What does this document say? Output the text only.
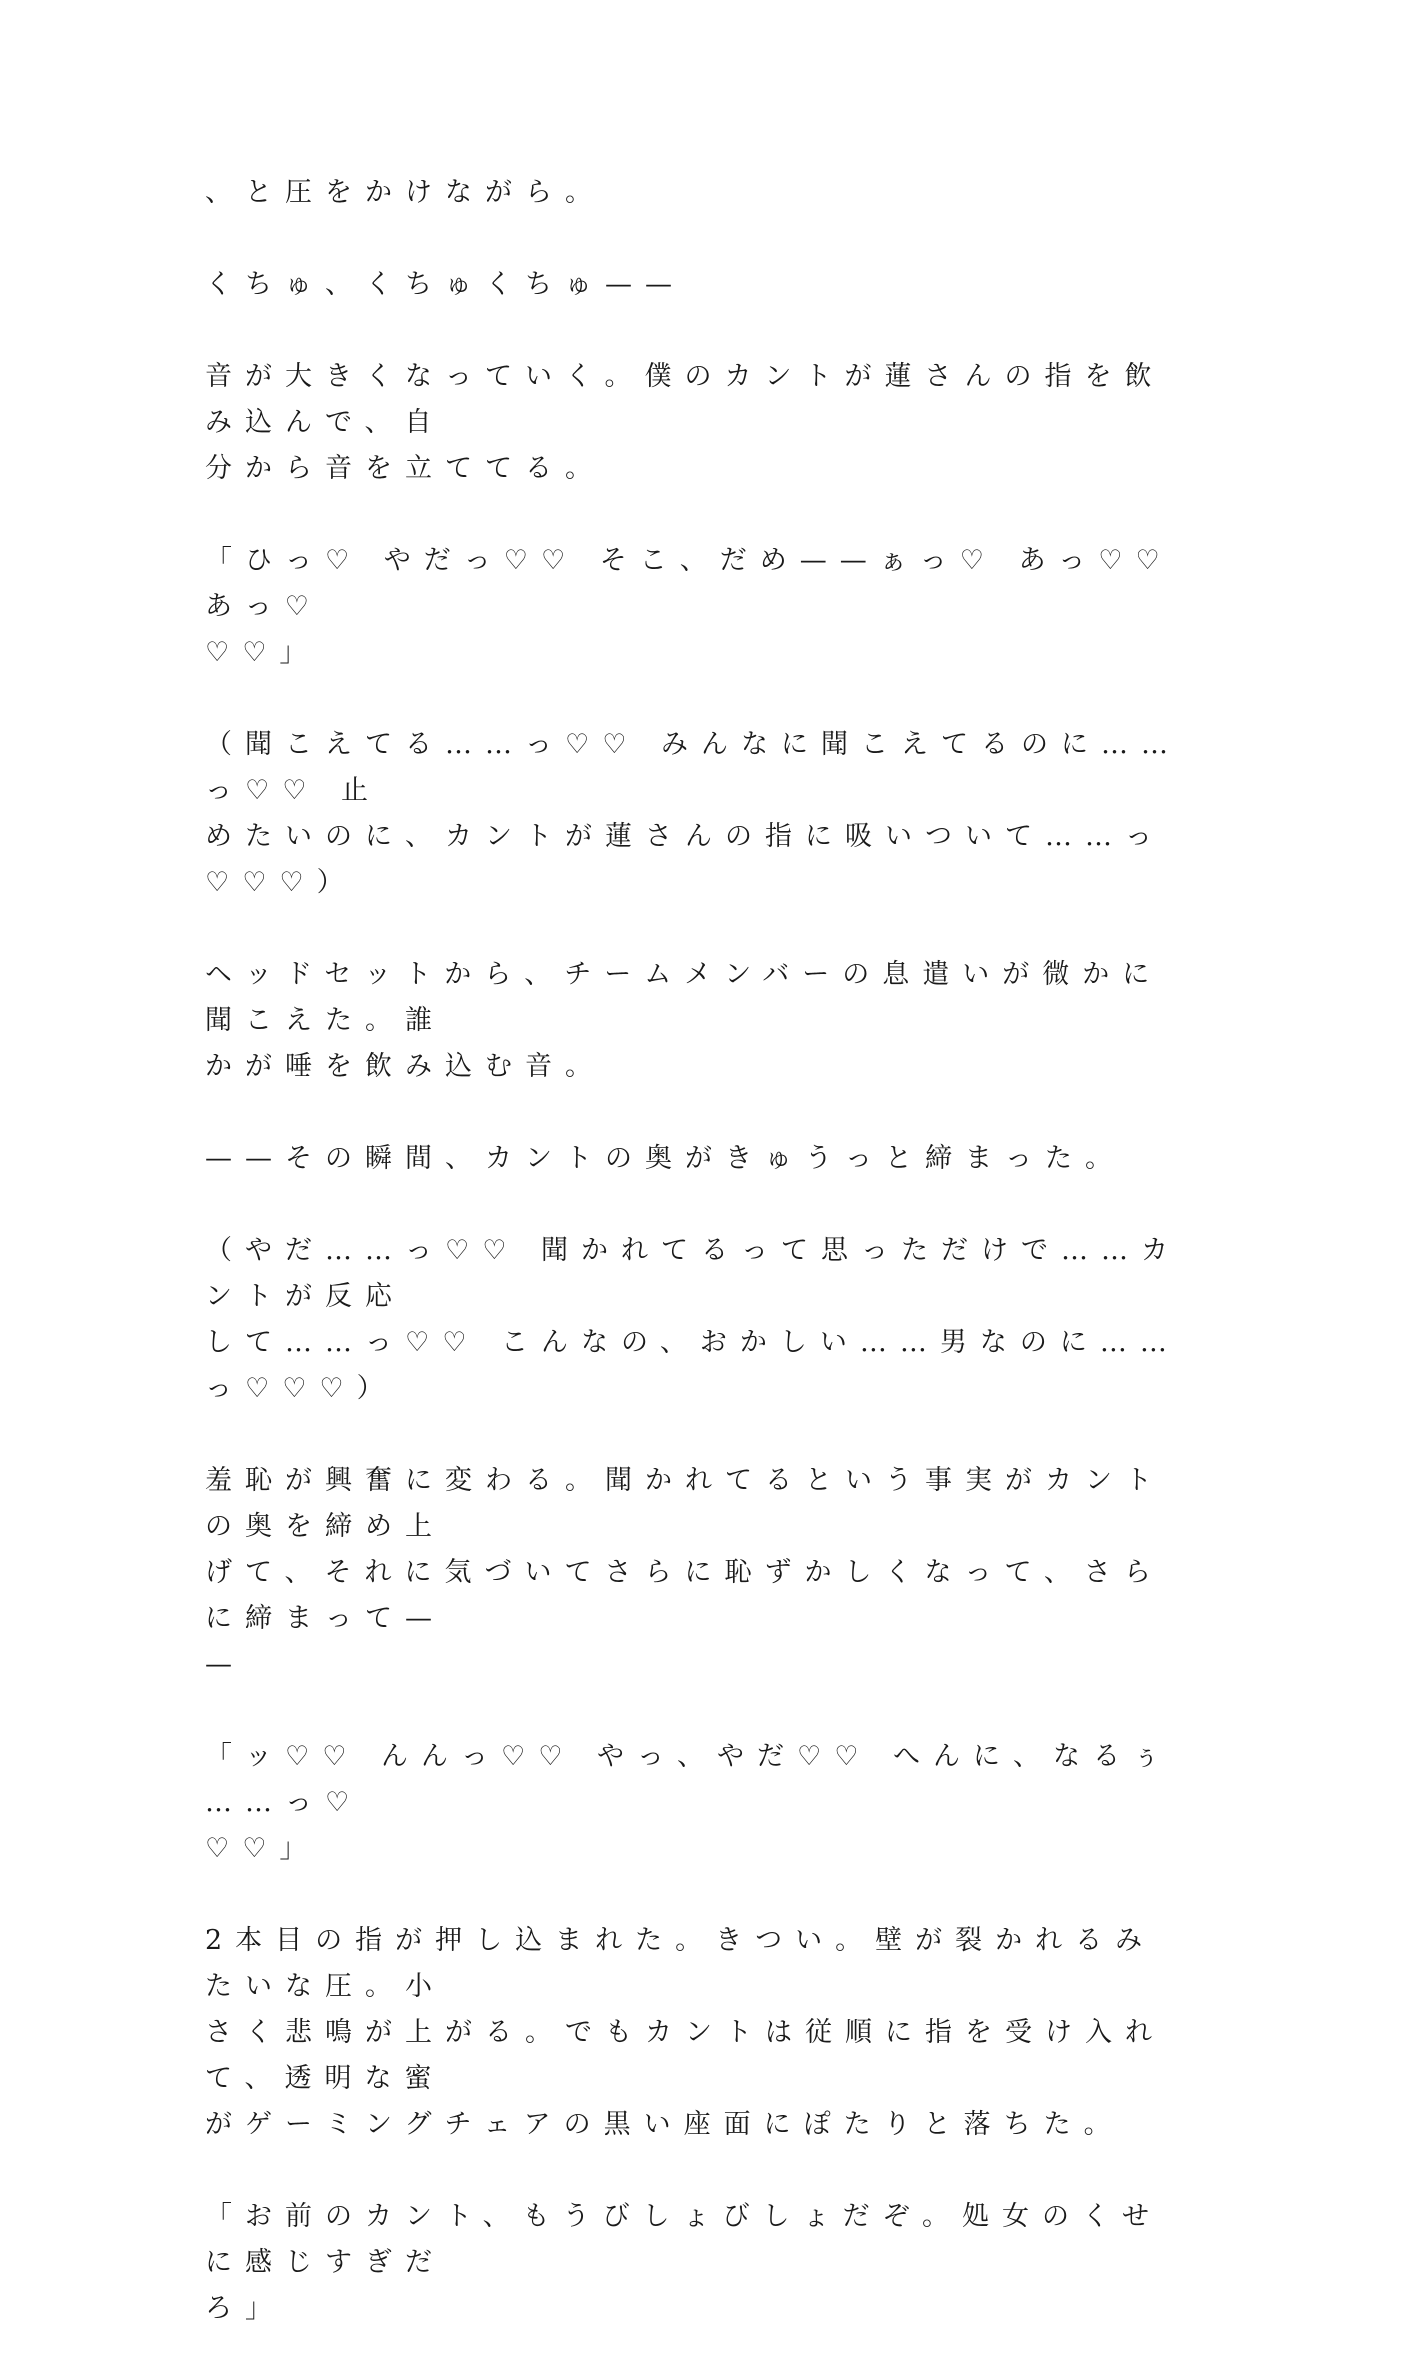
、と圧をかけながら。
くちゅ、くちゅくちゅ——
音が大きくなっていく。僕のカントが蓮さんの指を飲み込んで、自
分から音を立ててる。
「ひっ♡ やだっ♡♡ そこ、だめ——ぁっ♡ あっ♡♡ あっ♡
♡♡」
（聞こえてる……っ♡♡ みんなに聞こえてるのに……っ♡♡ 止
めたいのに、カントが蓮さんの指に吸いついて……っ♡♡♡）
ヘッドセットから、チームメンバーの息遣いが微かに聞こえた。誰
かが唾を飲み込む音。
——その瞬間、カントの奥がきゅうっと締まった。
（やだ……っ♡♡ 聞かれてるって思っただけで……カントが反応
して……っ♡♡ こんなの、おかしい……男なのに……っ♡♡♡）
羞恥が興奮に変わる。聞かれてるという事実がカントの奥を締め上
げて、それに気づいてさらに恥ずかしくなって、さらに締まって—
—
「ッ♡♡ んんっ♡♡ やっ、やだ♡♡ へんに、なるぅ……っ♡
♡♡」
2本目の指が押し込まれた。きつい。壁が裂かれるみたいな圧。小
さく悲鳴が上がる。でもカントは従順に指を受け入れて、透明な蜜
がゲーミングチェアの黒い座面にぽたりと落ちた。
「お前のカント、もうびしょびしょだぞ。処女のくせに感じすぎだ
ろ」
